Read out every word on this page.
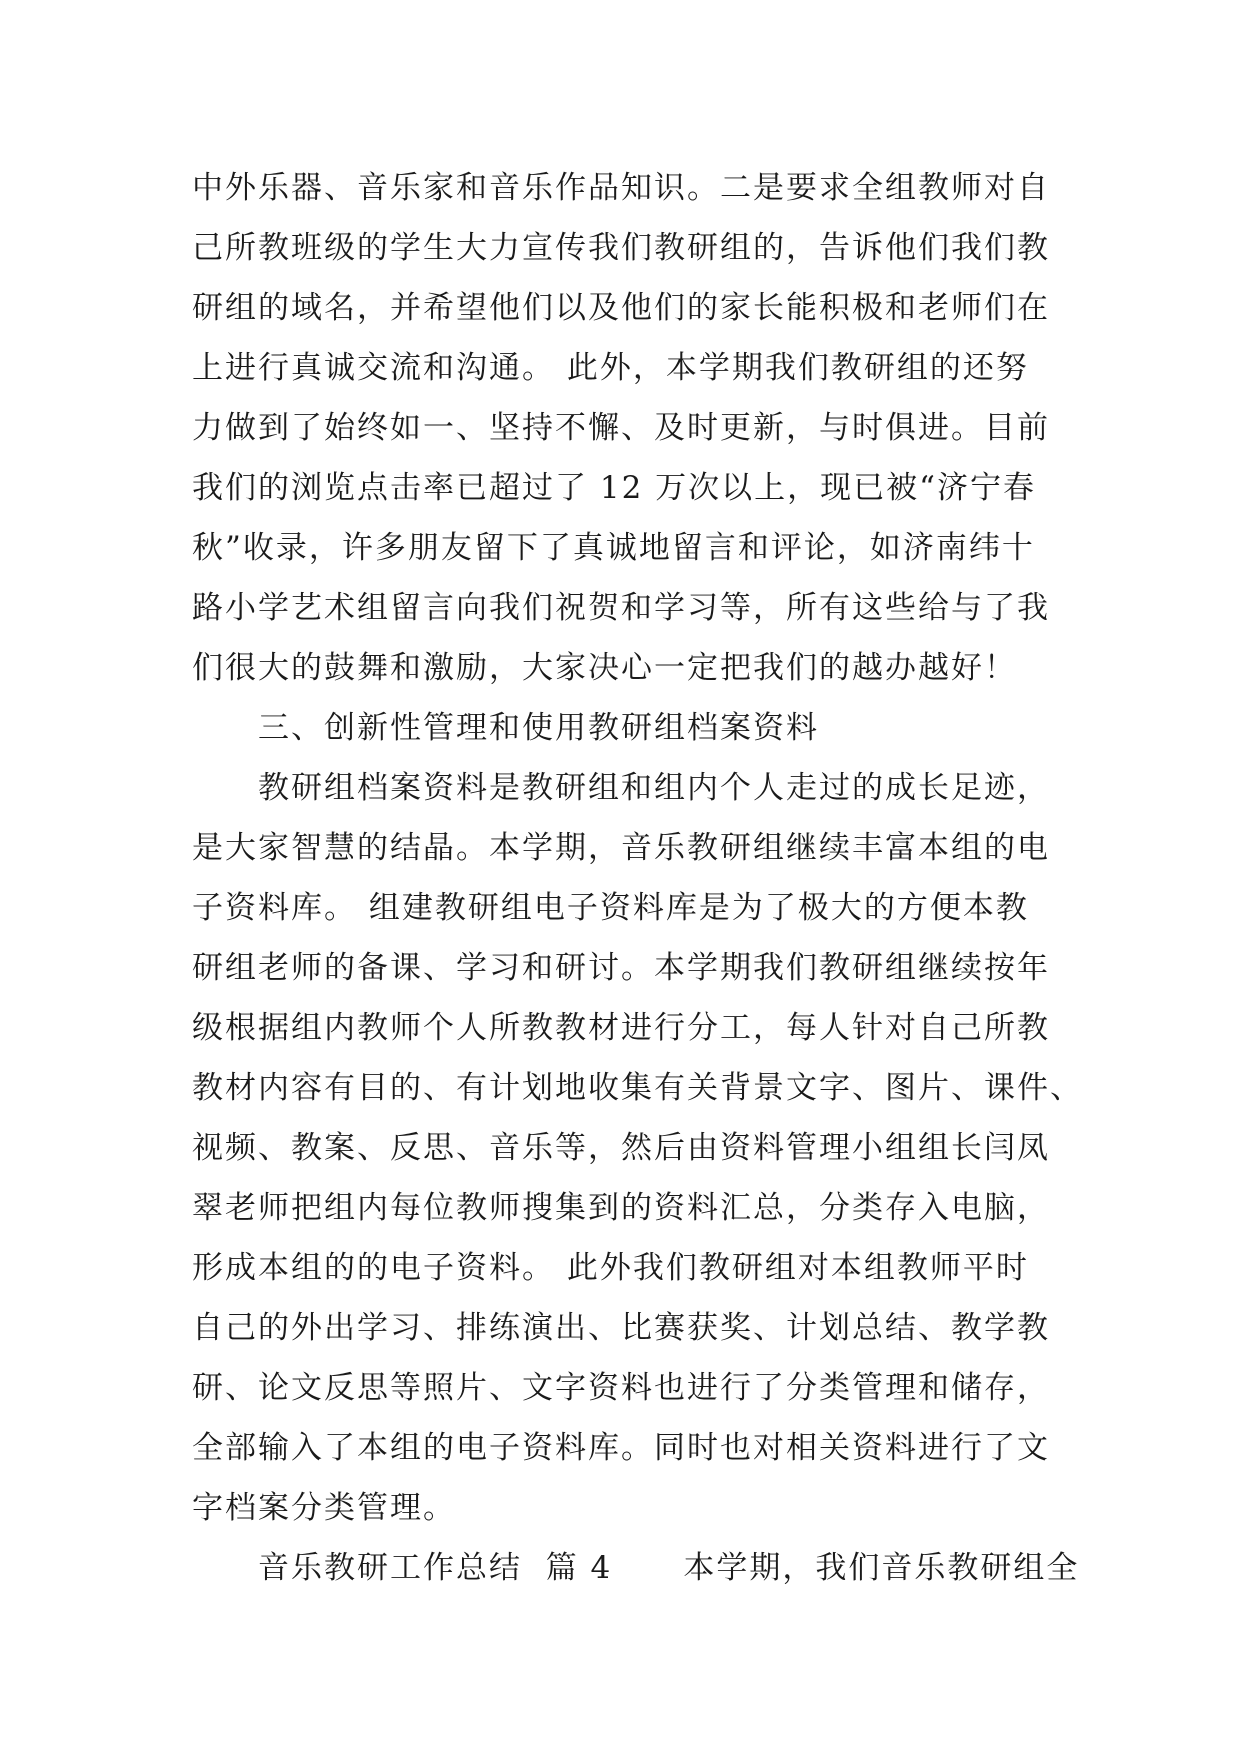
中外乐器、音乐家和音乐作品知识。二是要求全组教师对自
己所教班级的学生大力宣传我们教研组的，告诉他们我们教
研组的域名，并希望他们以及他们的家长能积极和老师们在
上进行真诚交流和沟通。 此外，本学期我们教研组的还努
力做到了始终如一、坚持不懈、及时更新，与时俱进。目前
我们的浏览点击率已超过了 12 万次以上，现已被“济宁春
秋”收录，许多朋友留下了真诚地留言和评论，如济南纬十
路小学艺术组留言向我们祝贺和学习等，所有这些给与了我
们很大的鼓舞和激励，大家决心一定把我们的越办越好！
三、创新性管理和使用教研组档案资料
教研组档案资料是教研组和组内个人走过的成长足迹，
是大家智慧的结晶。本学期，音乐教研组继续丰富本组的电
子资料库。 组建教研组电子资料库是为了极大的方便本教
研组老师的备课、学习和研讨。本学期我们教研组继续按年
级根据组内教师个人所教教材进行分工，每人针对自己所教
教材内容有目的、有计划地收集有关背景文字、图片、课件、
视频、教案、反思、音乐等，然后由资料管理小组组长闫凤
翠老师把组内每位教师搜集到的资料汇总，分类存入电脑，
形成本组的的电子资料。 此外我们教研组对本组教师平时
自己的外出学习、排练演出、比赛获奖、计划总结、教学教
研、论文反思等照片、文字资料也进行了分类管理和储存，
全部输入了本组的电子资料库。同时也对相关资料进行了文
字档案分类管理。
音乐教研工作总结  篇 4      本学期，我们音乐教研组全
